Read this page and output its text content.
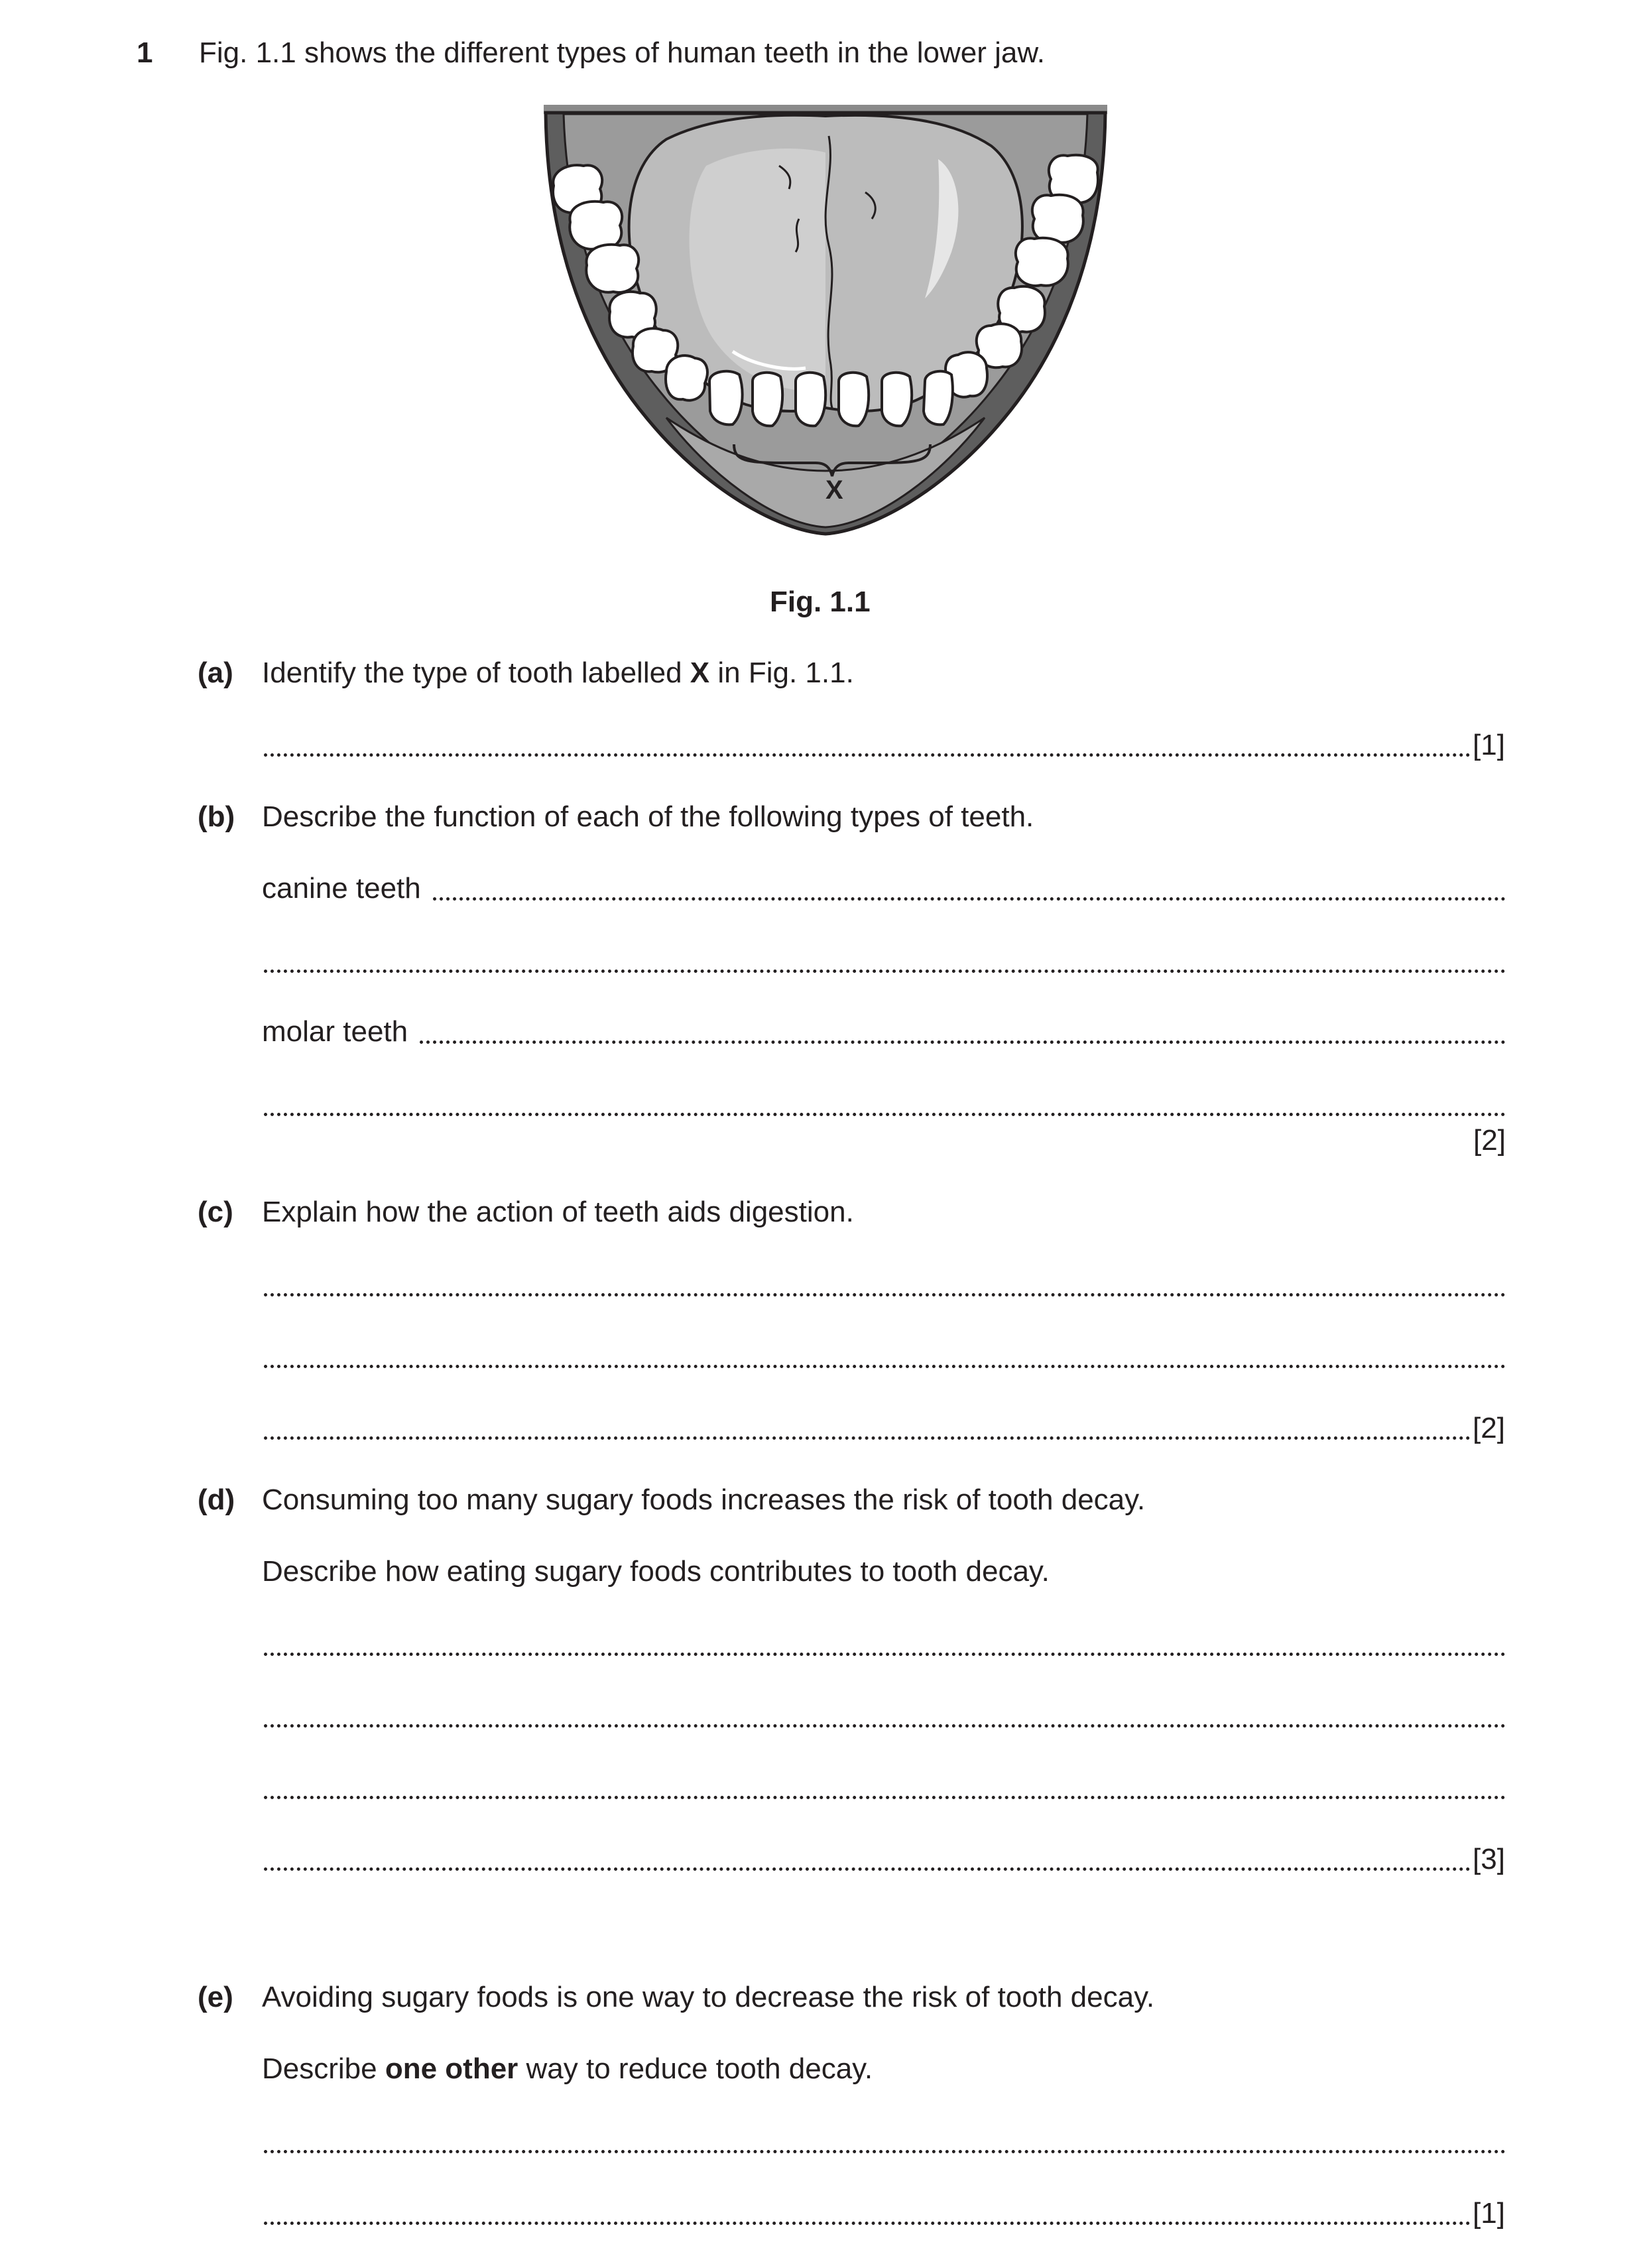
1 Fig. 1.1 shows the different types of human teeth in the lower jaw.
X
Fig. 1.1
(a) Identify the type of tooth labelled X in Fig. 1.1.
[1]
(b) Describe the function of each of the following types of teeth.
canine teeth
molar teeth
[2]
(c) Explain how the action of teeth aids digestion.
[2]
(d) Consuming too many sugary foods increases the risk of tooth decay.
Describe how eating sugary foods contributes to tooth decay.
[3]
(e) Avoiding sugary foods is one way to decrease the risk of tooth decay.
Describe one other way to reduce tooth decay.
[1]
